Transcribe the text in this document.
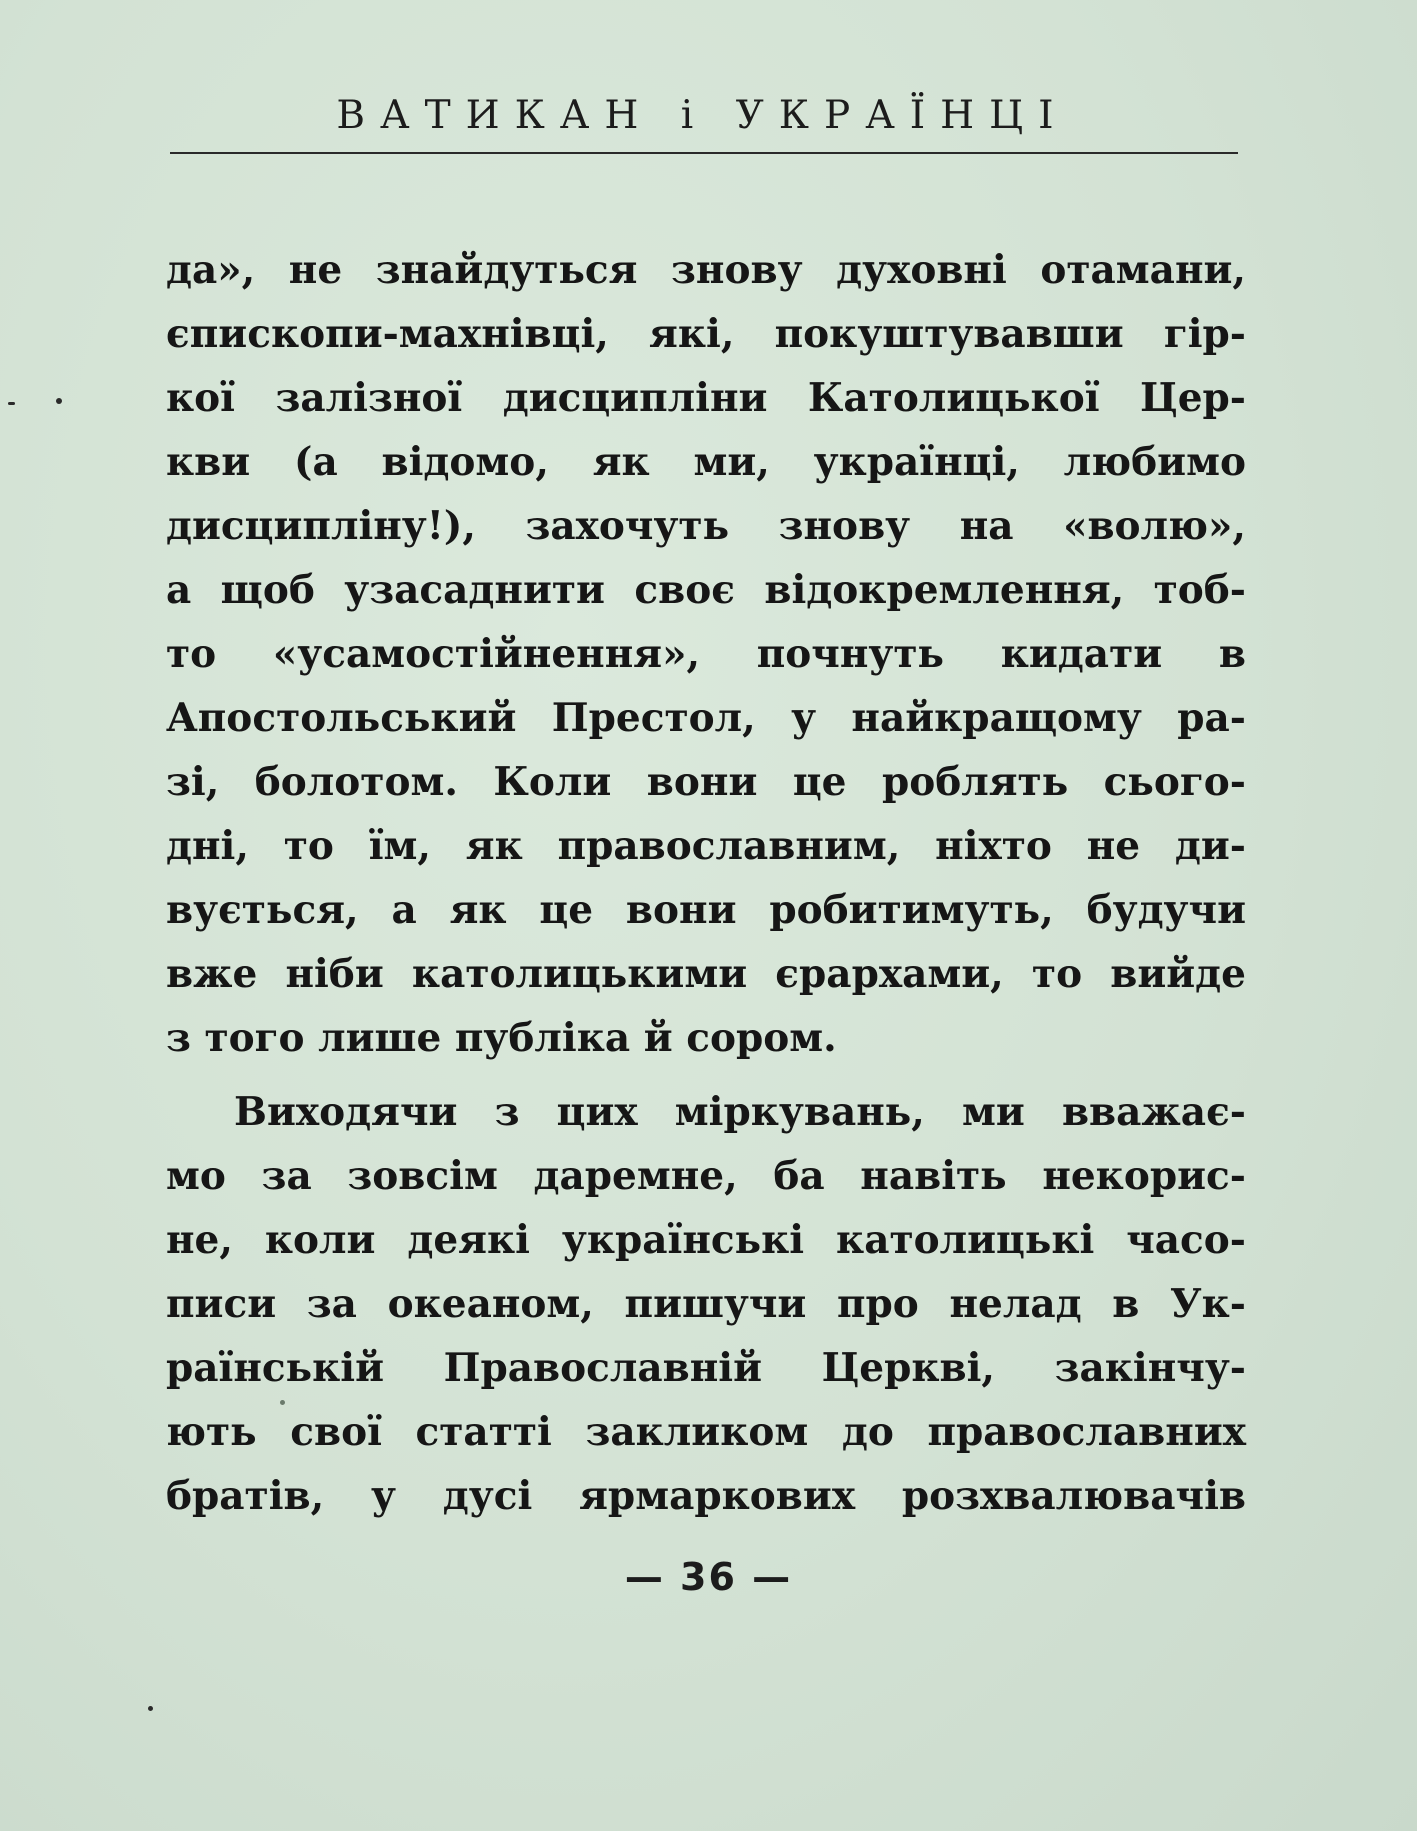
ВАТИКАН і УКРАЇНЦІ
да», не знайдуться знову духовні отамани,
єпископи-махнівці, які, покуштувавши гір-
кої залізної дисципліни Католицької Цер-
кви (а відомо, як ми, українці, любимо
дисципліну!), захочуть знову на «волю»,
а щоб узасаднити своє відокремлення, тоб-
то «усамостійнення», почнуть кидати в
Апостольський Престол, у найкращому ра-
зі, болотом. Коли вони це роблять сього-
дні, то їм, як православним, ніхто не ди-
вується, а як це вони робитимуть, будучи
вже ніби католицькими єрархами, то вийде
з того лише публіка й сором.
Виходячи з цих міркувань, ми вважає-
мо за зовсім даремне, ба навіть некорис-
не, коли деякі українські католицькі часо-
писи за океаном, пишучи про нелад в Ук-
раїнській Православній Церкві, закінчу-
ють свої статті закликом до православних
братів, у дусі ярмаркових розхвалювачів
— 36 —
